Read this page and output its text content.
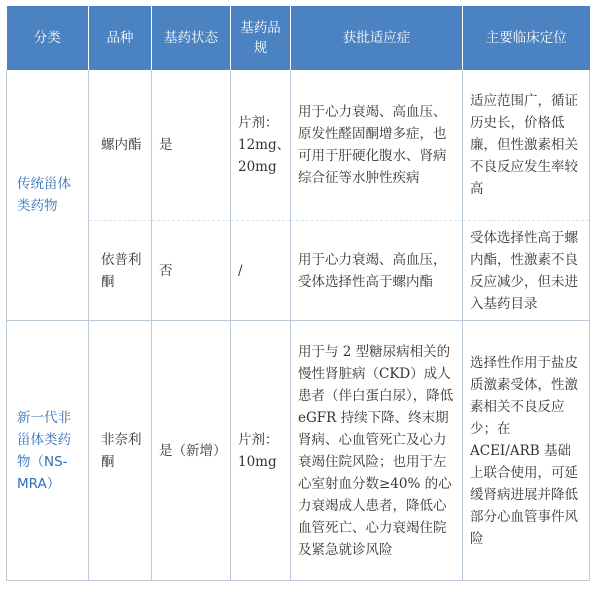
分类	品种	基药状态	基药品规	获批适应症	主要临床定位
传统甾体类药物	螺内酯	是	片剂：12mg、20mg	用于心力衰竭、高血压、原发性醛固酮增多症，也可用于肝硬化腹水、肾病综合征等水肿性疾病	适应范围广，循证历史长，价格低廉，但性激素相关不良反应发生率较高
	依普利酮	否	/	用于心力衰竭、高血压，受体选择性高于螺内酯	受体选择性高于螺内酯，性激素不良反应减少，但未进入基药目录
新一代非甾体类药物（NS-MRA）	非奈利酮	是（新增）	片剂：10mg	用于与 2 型糖尿病相关的慢性肾脏病（CKD）成人患者（伴白蛋白尿），降低 eGFR 持续下降、终末期肾病、心血管死亡及心力衰竭住院风险；也用于左心室射血分数≥40% 的心力衰竭成人患者，降低心血管死亡、心力衰竭住院及紧急就诊风险	选择性作用于盐皮质激素受体，性激素相关不良反应少；在 ACEI/ARB 基础上联合使用，可延缓肾病进展并降低部分心血管事件风险
